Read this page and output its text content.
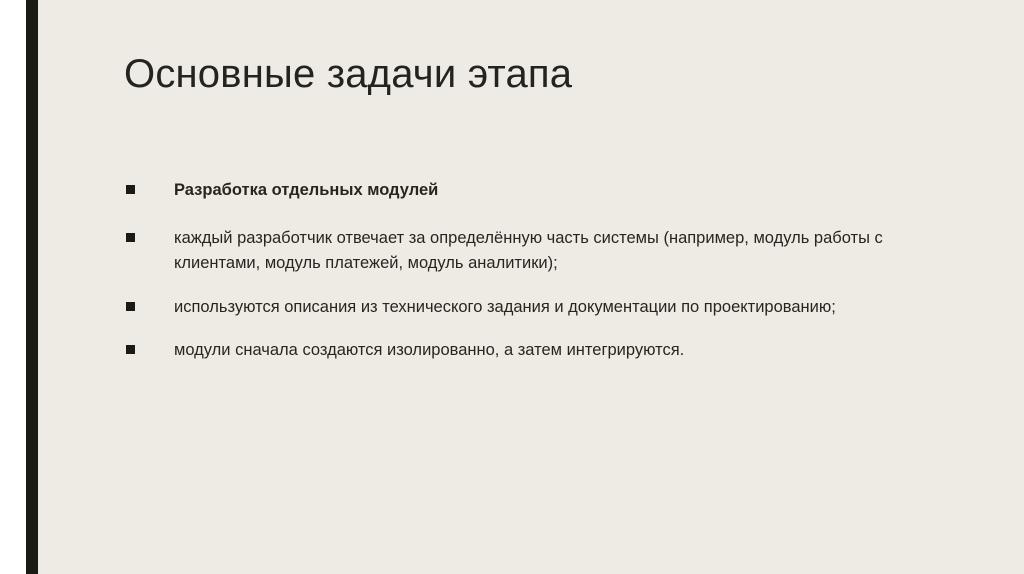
Основные задачи этапа
Разработка отдельных модулей
каждый разработчик отвечает за определённую часть системы (например, модуль работы с клиентами, модуль платежей, модуль аналитики);
используются описания из технического задания и документации по проектированию;
модули сначала создаются изолированно, а затем интегрируются.
